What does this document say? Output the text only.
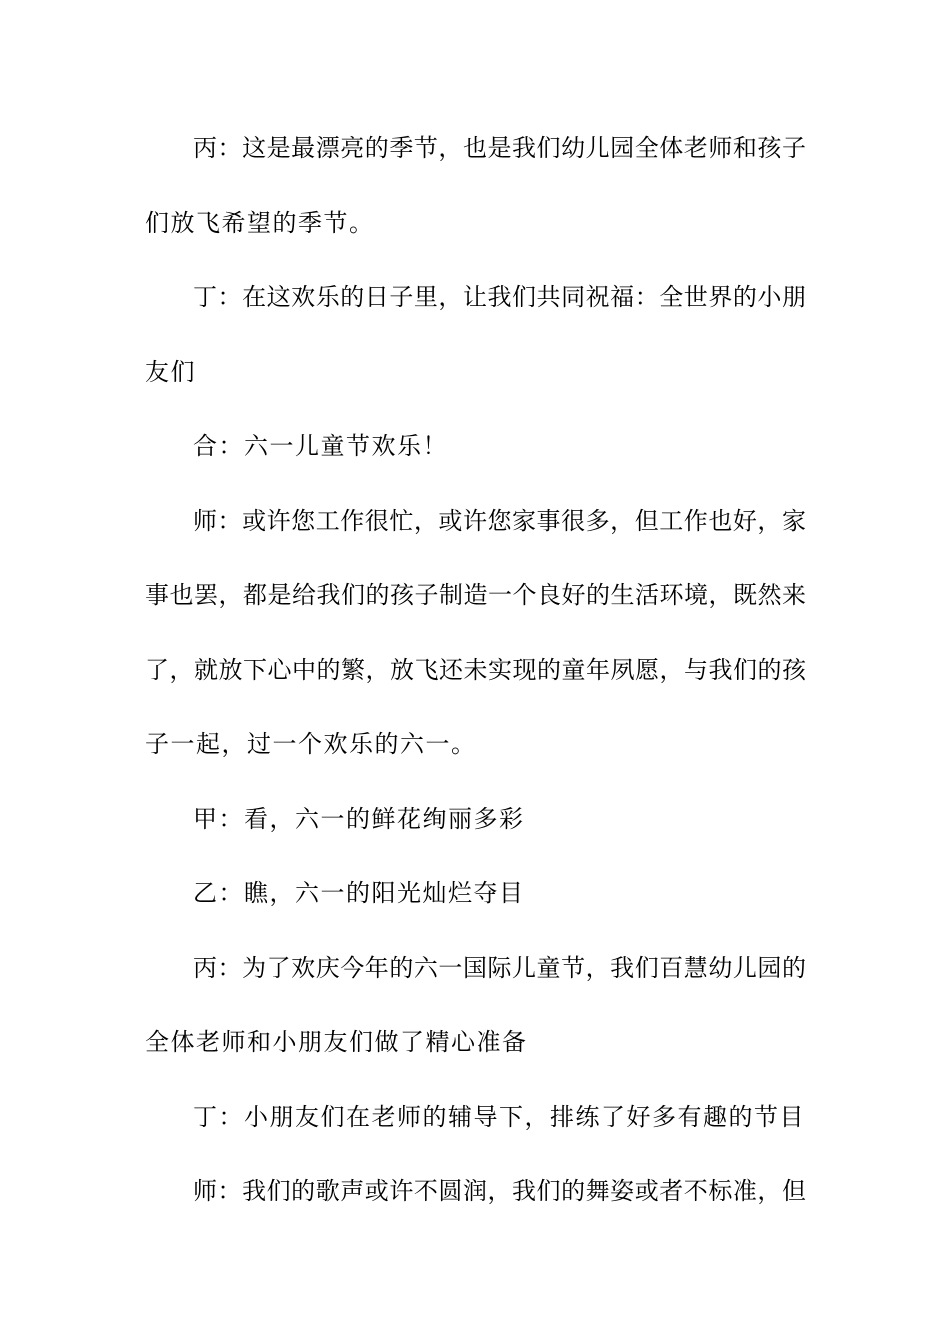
丙：这是最漂亮的季节，也是我们幼儿园全体老师和孩子
们放飞希望的季节。
丁：在这欢乐的日子里，让我们共同祝福：全世界的小朋
友们
合：六一儿童节欢乐！
师：或许您工作很忙，或许您家事很多，但工作也好，家
事也罢，都是给我们的孩子制造一个良好的生活环境，既然来
了，就放下心中的繁，放飞还未实现的童年夙愿，与我们的孩
子一起，过一个欢乐的六一。
甲：看，六一的鲜花绚丽多彩
乙：瞧，六一的阳光灿烂夺目
丙：为了欢庆今年的六一国际儿童节，我们百慧幼儿园的
全体老师和小朋友们做了精心准备
丁：小朋友们在老师的辅导下，排练了好多有趣的节目
师：我们的歌声或许不圆润，我们的舞姿或者不标准，但
